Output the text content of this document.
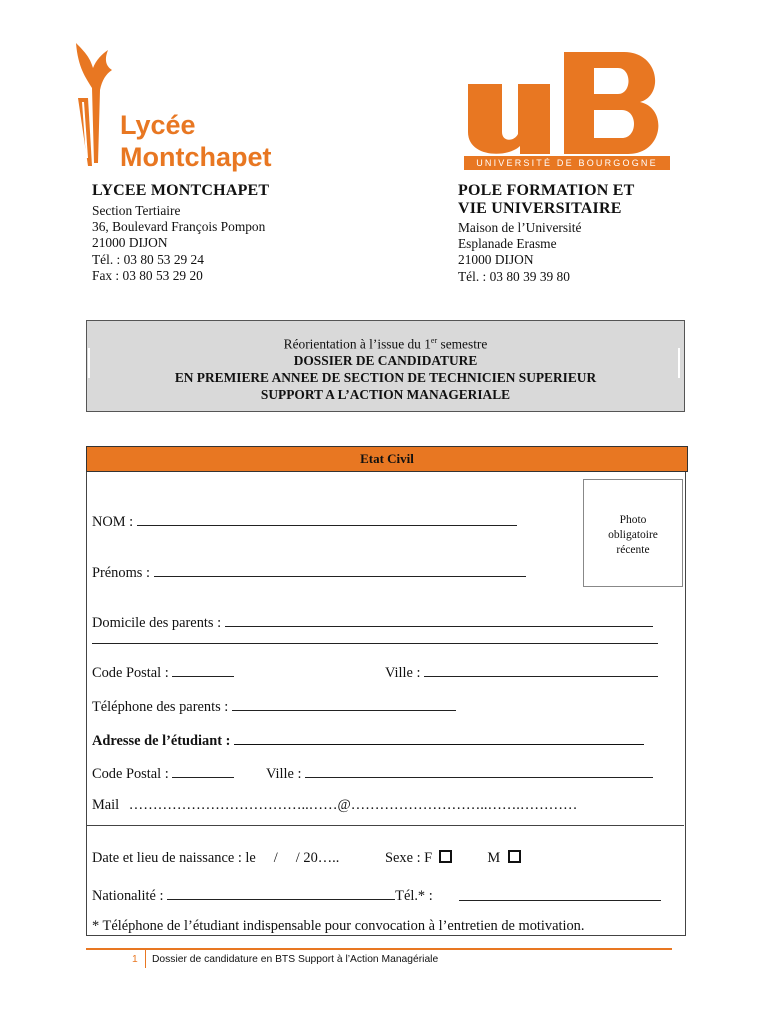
Lycée
Montchapet	UNIVERSITÉ DE BOURGOGNE
LYCEE MONTCHAPET
Section Tertiaire
36, Boulevard François Pompon
21000 DIJON
Tél. : 03 80 53 29 24
Fax : 03 80 53 29 20
POLE FORMATION ET
VIE UNIVERSITAIRE
Maison de l’Université
Esplanade Erasme
21000 DIJON
Tél. : 03 80 39 39 80
Réorientation à l’issue du 1er semestre
DOSSIER DE CANDIDATURE
EN PREMIERE ANNEE DE SECTION DE TECHNICIEN SUPERIEUR
SUPPORT A L’ACTION MANAGERIALE
Etat Civil
Photo
obligatoire
récente
NOM :
Prénoms :
Domicile des parents :
Code Postal :	Ville :
Téléphone des parents :
Adresse de l’étudiant :
Code Postal :	Ville :
Mail ………………………………..……@………………………..…….…………
Date et lieu de naissance : le     /     / 20…..	Sexe : F	M
Nationalité :	Tél.* :
* Téléphone de l’étudiant indispensable pour convocation à l’entretien de motivation.
1 Dossier de candidature en BTS Support à l’Action Managériale
